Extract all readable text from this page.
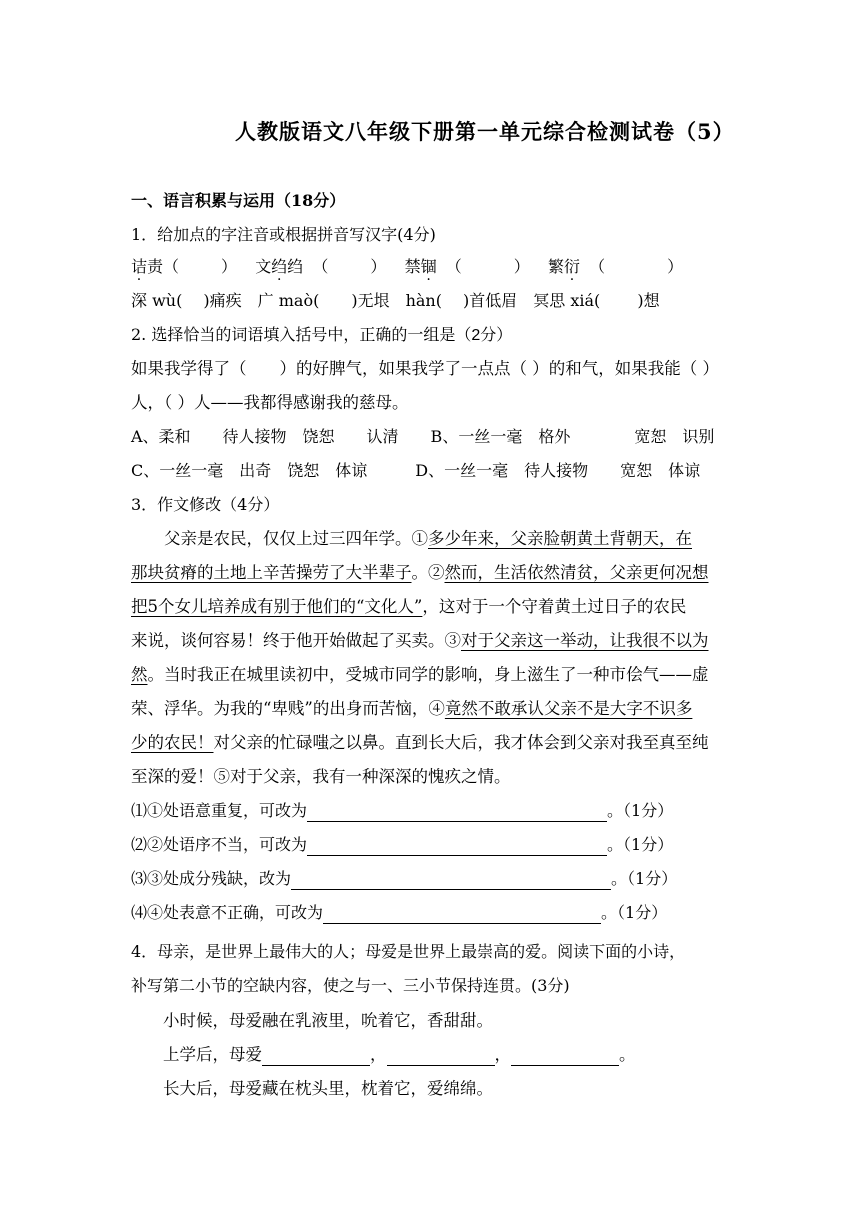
人教版语文八年级下册第一单元综合检测试卷（5）
一、语言积累与运用（18分）
1．给加点的字注音或根据拼音写汉字(4分)
诘责（	） 文绉绉 （	） 禁锢 （	） 繁衍 （	）
深 wù(　 )痛疾　广 maò(　　)无垠　hàn(　 )首低眉　冥思 xiá(　　 )想
2. 选择恰当的词语填入括号中，正确的一组是（2分）
如果我学得了（　　）的好脾气，如果我学了一点点（ ）的和气，如果我能（ ）
人，（ ）人——我都得感谢我的慈母。
A、柔和　　待人接物　饶恕　　认清　　B、一丝一毫　格外　　　　宽恕　识别
C、一丝一毫　出奇　饶恕　体谅　　　D、一丝一毫　待人接物　　宽恕　体谅
3．作文修改（4分）
　　父亲是农民，仅仅上过三四年学。①多少年来，父亲脸朝黄土背朝天，在
那块贫瘠的土地上辛苦操劳了大半辈子。②然而，生活依然清贫，父亲更何况想
把5个女儿培养成有别于他们的“文化人”，这对于一个守着黄土过日子的农民
来说，谈何容易！终于他开始做起了买卖。③对于父亲这一举动，让我很不以为
然。当时我正在城里读初中，受城市同学的影响，身上滋生了一种市侩气——虚
荣、浮华。为我的“卑贱”的出身而苦恼，④竟然不敢承认父亲不是大字不识多
少的农民！对父亲的忙碌嗤之以鼻。直到长大后，我才体会到父亲对我至真至纯
至深的爱！⑤对于父亲，我有一种深深的愧疚之情。
⑴①处语意重复，可改为	。（1分）
⑵②处语序不当，可改为	。（1分）
⑶③处成分残缺，改为	。（1分）
⑷④处表意不正确，可改为	。（1分）
4．母亲，是世界上最伟大的人；母爱是世界上最崇高的爱。阅读下面的小诗，
补写第二小节的空缺内容，使之与一、三小节保持连贯。(3分)
小时候，母爱融在乳液里，吮着它，香甜甜。
上学后，母爱	，	，	。
长大后，母爱藏在枕头里，枕着它，爱绵绵。
